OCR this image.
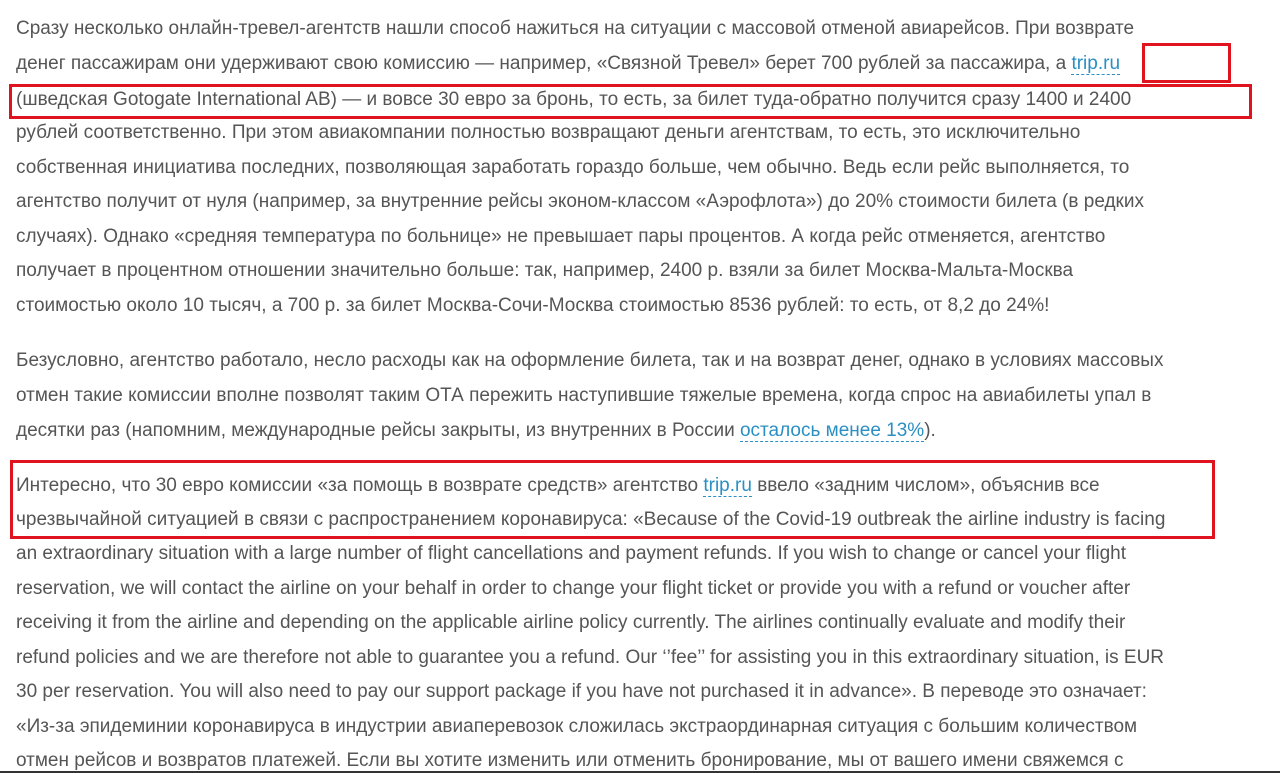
Сразу несколько онлайн-тревел-агентств нашли способ нажиться на ситуации с массовой отменой авиарейсов. При возврате
денег пассажирам они удерживают свою комиссию — например, «Связной Тревел» берет 700 рублей за пассажира, а trip.ru
(шведская Gotogate International AB) — и вовсе 30 евро за бронь, то есть, за билет туда-обратно получится сразу 1400 и 2400
рублей соответственно. При этом авиакомпании полностью возвращают деньги агентствам, то есть, это исключительно
собственная инициатива последних, позволяющая заработать гораздо больше, чем обычно. Ведь если рейс выполняется, то
агентство получит от нуля (например, за внутренние рейсы эконом-классом «Аэрофлота») до 20% стоимости билета (в редких
случаях). Однако «средняя температура по больнице» не превышает пары процентов. А когда рейс отменяется, агентство
получает в процентном отношении значительно больше: так, например, 2400 р. взяли за билет Москва-Мальта-Москва
стоимостью около 10 тысяч, а 700 р. за билет Москва-Сочи-Москва стоимостью 8536 рублей: то есть, от 8,2 до 24%!
Безусловно, агентство работало, несло расходы как на оформление билета, так и на возврат денег, однако в условиях массовых
отмен такие комиссии вполне позволят таким ОТА пережить наступившие тяжелые времена, когда спрос на авиабилеты упал в
десятки раз (напомним, международные рейсы закрыты, из внутренних в России осталось менее 13%).
Интересно, что 30 евро комиссии «за помощь в возврате средств» агентство trip.ru ввело «задним числом», объяснив все
чрезвычайной ситуацией в связи с распространением коронавируса: «Because of the Covid-19 outbreak the airline industry is facing
an extraordinary situation with a large number of flight cancellations and payment refunds. If you wish to change or cancel your flight
reservation, we will contact the airline on your behalf in order to change your flight ticket or provide you with a refund or voucher after
receiving it from the airline and depending on the applicable airline policy currently. The airlines continually evaluate and modify their
refund policies and we are therefore not able to guarantee you a refund. Our ‘’fee’’ for assisting you in this extraordinary situation, is EUR
30 per reservation. You will also need to pay our support package if you have not purchased it in advance». В переводе это означает:
«Из-за эпидеминии коронавируса в индустрии авиаперевозок сложилась экстраординарная ситуация с большим количеством
отмен рейсов и возвратов платежей. Если вы хотите изменить или отменить бронирование, мы от вашего имени свяжемся с
